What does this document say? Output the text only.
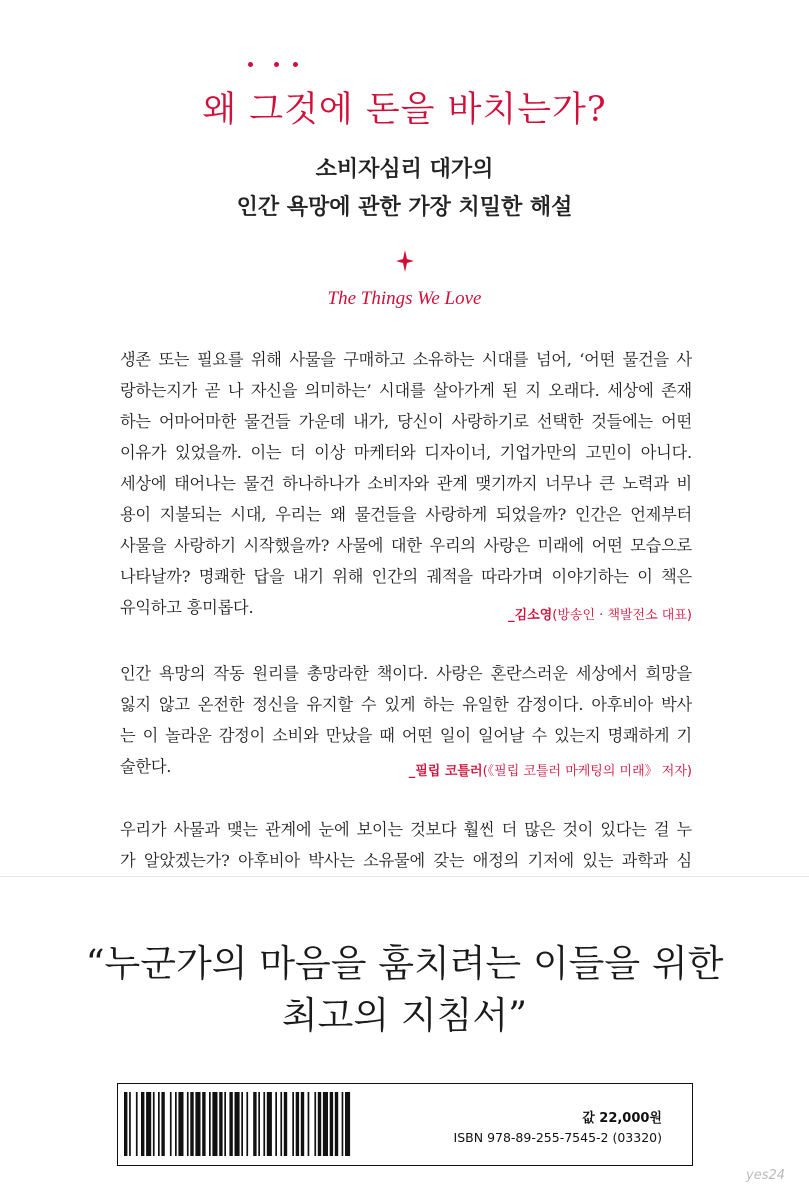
왜 그것에 돈을 바치는가?
소비자심리 대가의
인간 욕망에 관한 가장 치밀한 해설
The Things We Love
생존 또는 필요를 위해 사물을 구매하고 소유하는 시대를 넘어, ‘어떤 물건을 사
랑하는지가 곧 나 자신을 의미하는’ 시대를 살아가게 된 지 오래다. 세상에 존재
하는 어마어마한 물건들 가운데 내가, 당신이 사랑하기로 선택한 것들에는 어떤
이유가 있었을까. 이는 더 이상 마케터와 디자이너, 기업가만의 고민이 아니다.
세상에 태어나는 물건 하나하나가 소비자와 관계 맺기까지 너무나 큰 노력과 비
용이 지불되는 시대, 우리는 왜 물건들을 사랑하게 되었을까? 인간은 언제부터
사물을 사랑하기 시작했을까? 사물에 대한 우리의 사랑은 미래에 어떤 모습으로
나타날까? 명쾌한 답을 내기 위해 인간의 궤적을 따라가며 이야기하는 이 책은
유익하고 흥미롭다.	_김소영(방송인 · 책발전소 대표)
인간 욕망의 작동 원리를 총망라한 책이다. 사랑은 혼란스러운 세상에서 희망을
잃지 않고 온전한 정신을 유지할 수 있게 하는 유일한 감정이다. 아후비아 박사
는 이 놀라운 감정이 소비와 만났을 때 어떤 일이 일어날 수 있는지 명쾌하게 기
술한다.	_필립 코틀러(《필립 코틀러 마케팅의 미래》 저자)
우리가 사물과 맺는 관계에 눈에 보이는 것보다 훨씬 더 많은 것이 있다는 걸 누
가 알았겠는가? 아후비아 박사는 소유물에 갖는 애정의 기저에 있는 과학과 심
“누군가의 마음을 훔치려는 이들을 위한
최고의 지침서”
값 22,000원
ISBN 978-89-255-7545-2 (03320)
yes24
